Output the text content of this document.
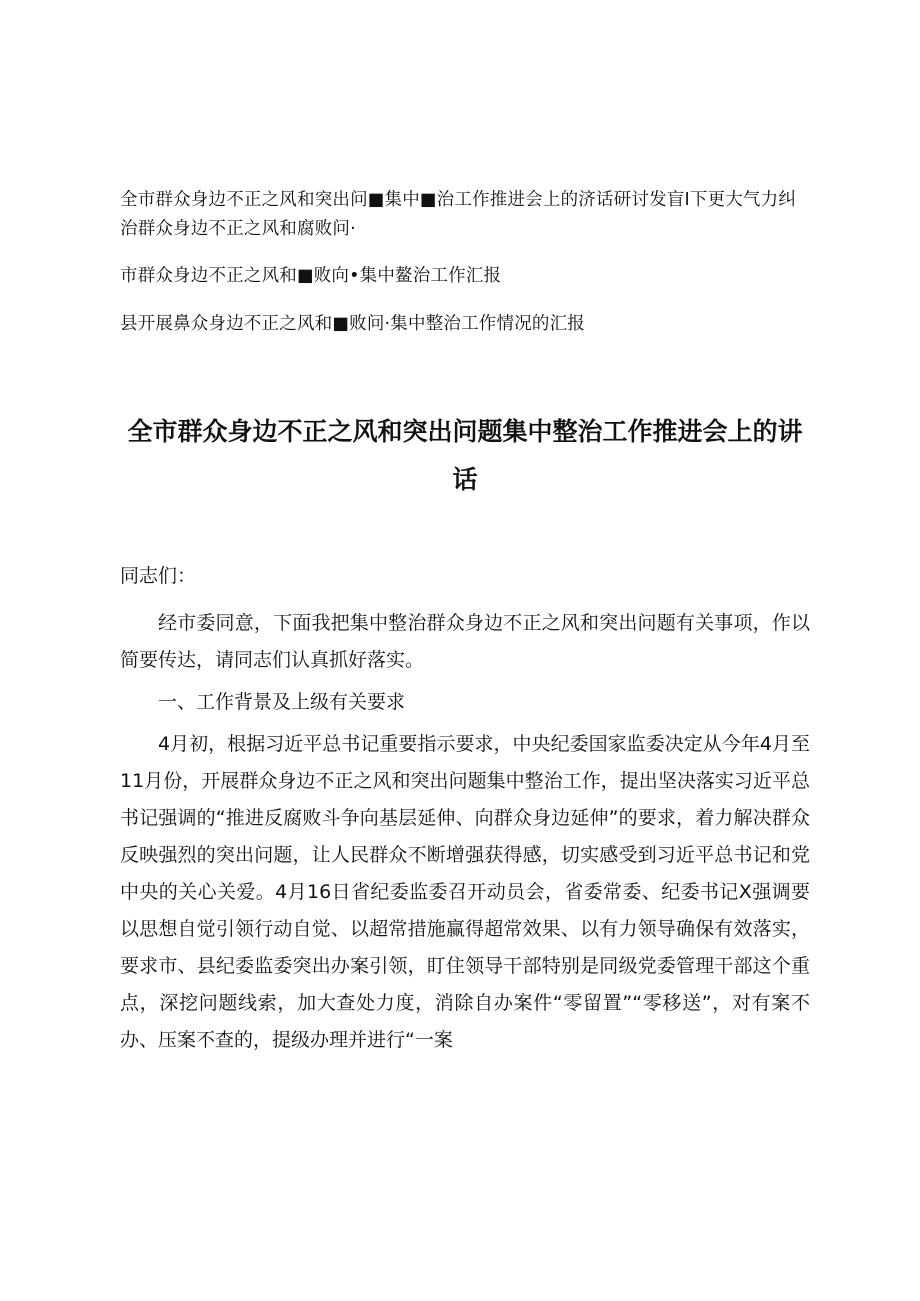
全市群众身边不正之风和突出问■集中■治工作推进会上的济话研讨发盲I下更大气力纠治群众身边不正之风和腐败问·

市群众身边不正之风和■败向•集中鳌治工作汇报

县开展鼻众身边不正之风和■败问·集中整治工作情况的汇报

全市群众身边不正之风和突出问题集中整治工作推进会上的讲话

同志们：

经市委同意，下面我把集中整治群众身边不正之风和突出问题有关事项，作以简要传达，请同志们认真抓好落实。

一、工作背景及上级有关要求

4月初，根据习近平总书记重要指示要求，中央纪委国家监委决定从今年4月至11月份，开展群众身边不正之风和突出问题集中整治工作，提出坚决落实习近平总书记强调的“推进反腐败斗争向基层延伸、向群众身边延伸”的要求，着力解决群众反映强烈的突出问题，让人民群众不断增强获得感，切实感受到习近平总书记和党中央的关心关爱。4月16日省纪委监委召开动员会，省委常委、纪委书记X强调要以思想自觉引领行动自觉、以超常措施赢得超常效果、以有力领导确保有效落实，要求市、县纪委监委突出办案引领，盯住领导干部特别是同级党委管理干部这个重点，深挖问题线索，加大查处力度，消除自办案件“零留置”“零移送”，对有案不办、压案不查的，提级办理并进行“一案
